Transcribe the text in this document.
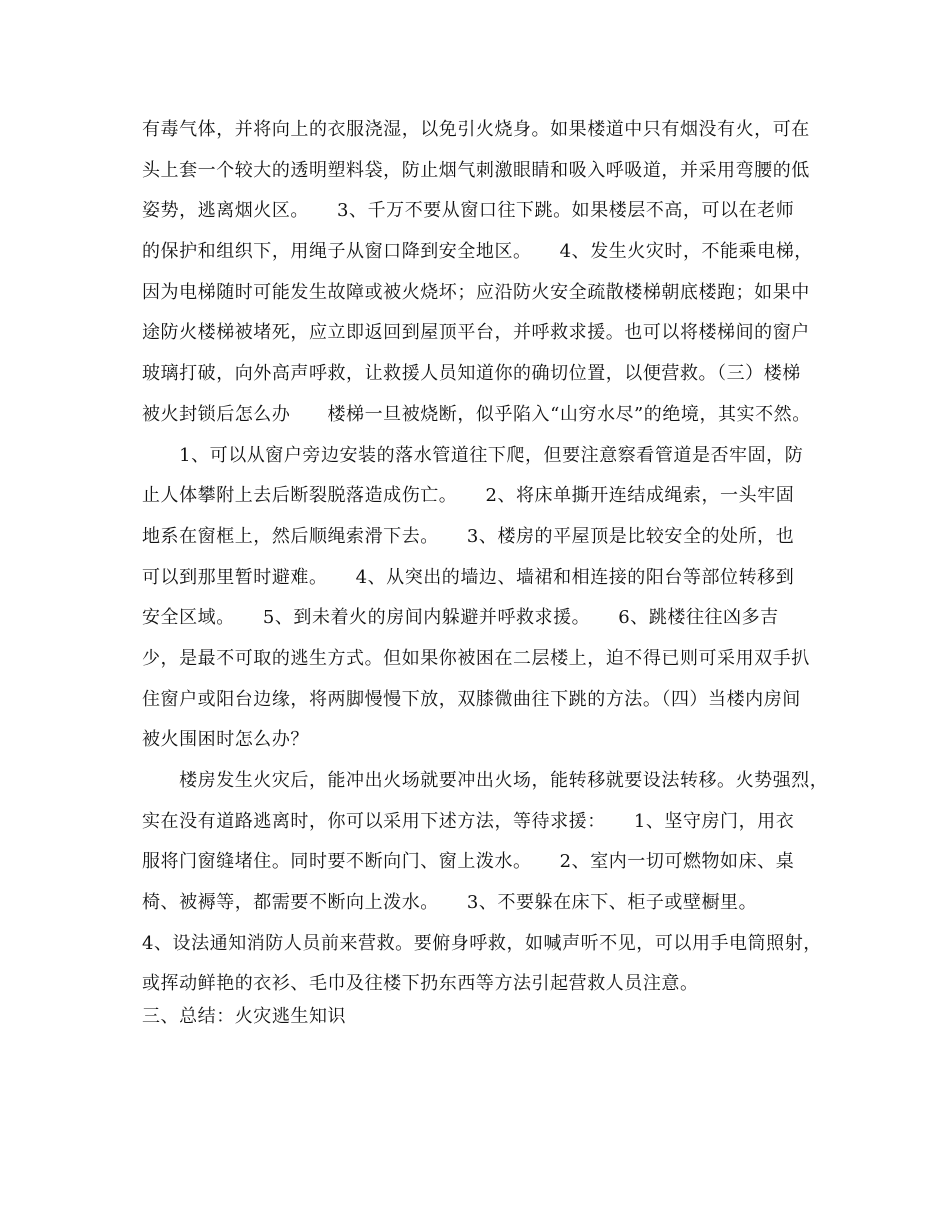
有毒气体，并将向上的衣服浇湿，以免引火烧身。如果楼道中只有烟没有火，可在
头上套一个较大的透明塑料袋，防止烟气刺激眼睛和吸入呼吸道，并采用弯腰的低
姿势，逃离烟火区。　　3、千万不要从窗口往下跳。如果楼层不高，可以在老师
的保护和组织下，用绳子从窗口降到安全地区。　　4、发生火灾时，不能乘电梯，
因为电梯随时可能发生故障或被火烧坏；应沿防火安全疏散楼梯朝底楼跑；如果中
途防火楼梯被堵死，应立即返回到屋顶平台，并呼救求援。也可以将楼梯间的窗户
玻璃打破，向外高声呼救，让救援人员知道你的确切位置，以便营救。（三）楼梯
被火封锁后怎么办　　楼梯一旦被烧断，似乎陷入“山穷水尽”的绝境，其实不然。
　　1、可以从窗户旁边安装的落水管道往下爬，但要注意察看管道是否牢固，防
止人体攀附上去后断裂脱落造成伤亡。　　2、将床单撕开连结成绳索，一头牢固
地系在窗框上，然后顺绳索滑下去。　　3、楼房的平屋顶是比较安全的处所，也
可以到那里暂时避难。　　4、从突出的墙边、墙裙和相连接的阳台等部位转移到
安全区域。　　5、到未着火的房间内躲避并呼救求援。　　6、跳楼往往凶多吉
少，是最不可取的逃生方式。但如果你被困在二层楼上，迫不得已则可采用双手扒
住窗户或阳台边缘，将两脚慢慢下放，双膝微曲往下跳的方法。（四）当楼内房间
被火围困时怎么办？
　　楼房发生火灾后，能冲出火场就要冲出火场，能转移就要设法转移。火势强烈，
实在没有道路逃离时，你可以采用下述方法，等待求援：　　1、坚守房门，用衣
服将门窗缝堵住。同时要不断向门、窗上泼水。　　2、室内一切可燃物如床、桌
椅、被褥等，都需要不断向上泼水。　　3、不要躲在床下、柜子或壁橱里。
4、设法通知消防人员前来营救。要俯身呼救，如喊声听不见，可以用手电筒照射，
或挥动鲜艳的衣衫、毛巾及往楼下扔东西等方法引起营救人员注意。
三、总结：火灾逃生知识
